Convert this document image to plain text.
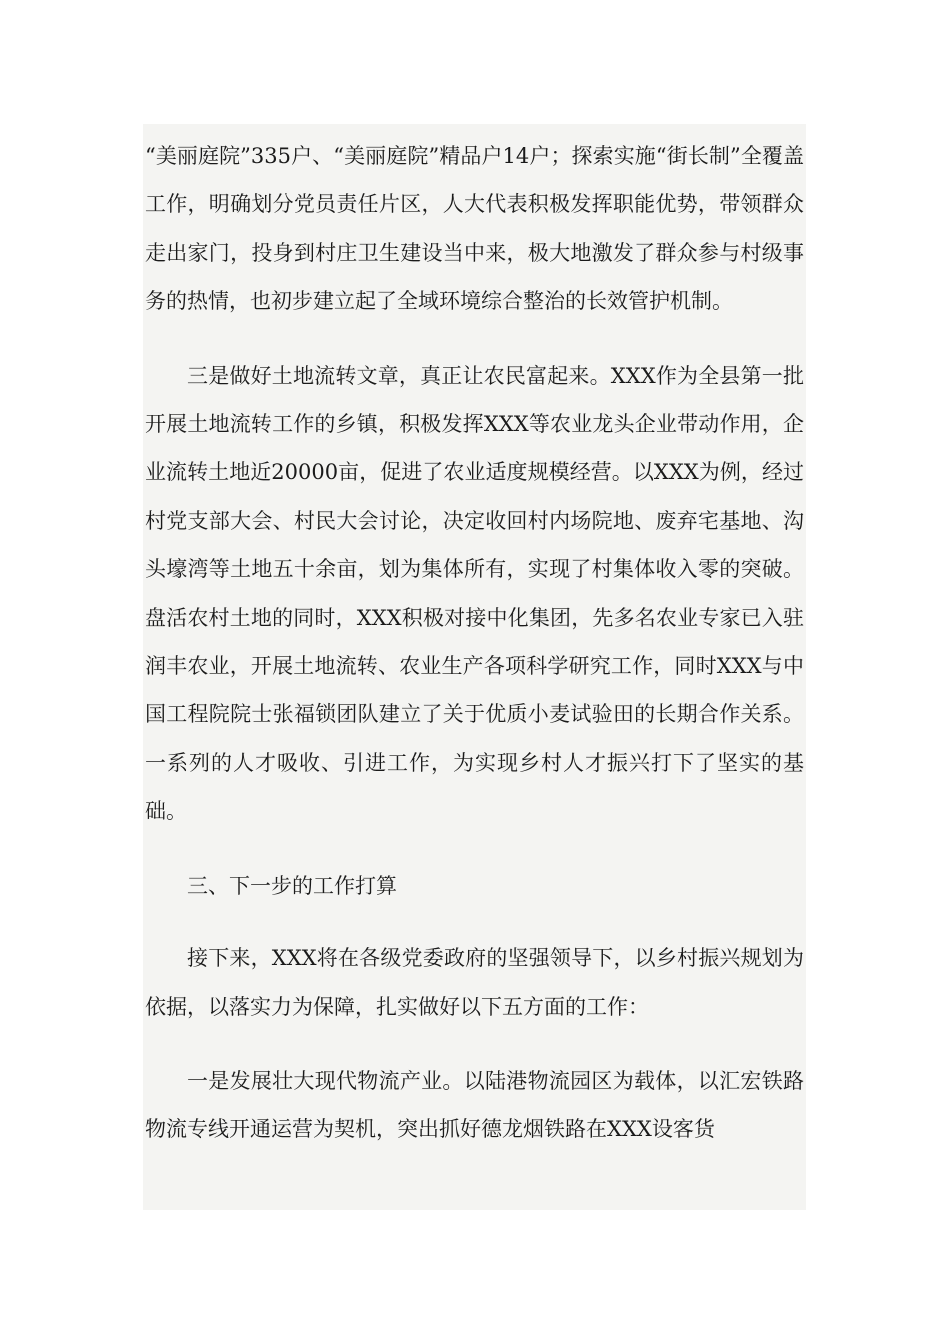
“美丽庭院”335户、“美丽庭院”精品户14户；探索实施“街长制”全覆盖工作，明确划分党员责任片区，人大代表积极发挥职能优势，带领群众走出家门，投身到村庄卫生建设当中来，极大地激发了群众参与村级事务的热情，也初步建立起了全域环境综合整治的长效管护机制。

三是做好土地流转文章，真正让农民富起来。XXX作为全县第一批开展土地流转工作的乡镇，积极发挥XXX等农业龙头企业带动作用，企业流转土地近20000亩，促进了农业适度规模经营。以XXX为例，经过村党支部大会、村民大会讨论，决定收回村内场院地、废弃宅基地、沟头壕湾等土地五十余亩，划为集体所有，实现了村集体收入零的突破。盘活农村土地的同时，XXX积极对接中化集团，先多名农业专家已入驻润丰农业，开展土地流转、农业生产各项科学研究工作，同时XXX与中国工程院院士张福锁团队建立了关于优质小麦试验田的长期合作关系。一系列的人才吸收、引进工作，为实现乡村人才振兴打下了坚实的基础。

三、下一步的工作打算

接下来，XXX将在各级党委政府的坚强领导下，以乡村振兴规划为依据，以落实力为保障，扎实做好以下五方面的工作：

一是发展壮大现代物流产业。以陆港物流园区为载体，以汇宏铁路物流专线开通运营为契机，突出抓好德龙烟铁路在XXX设客货
